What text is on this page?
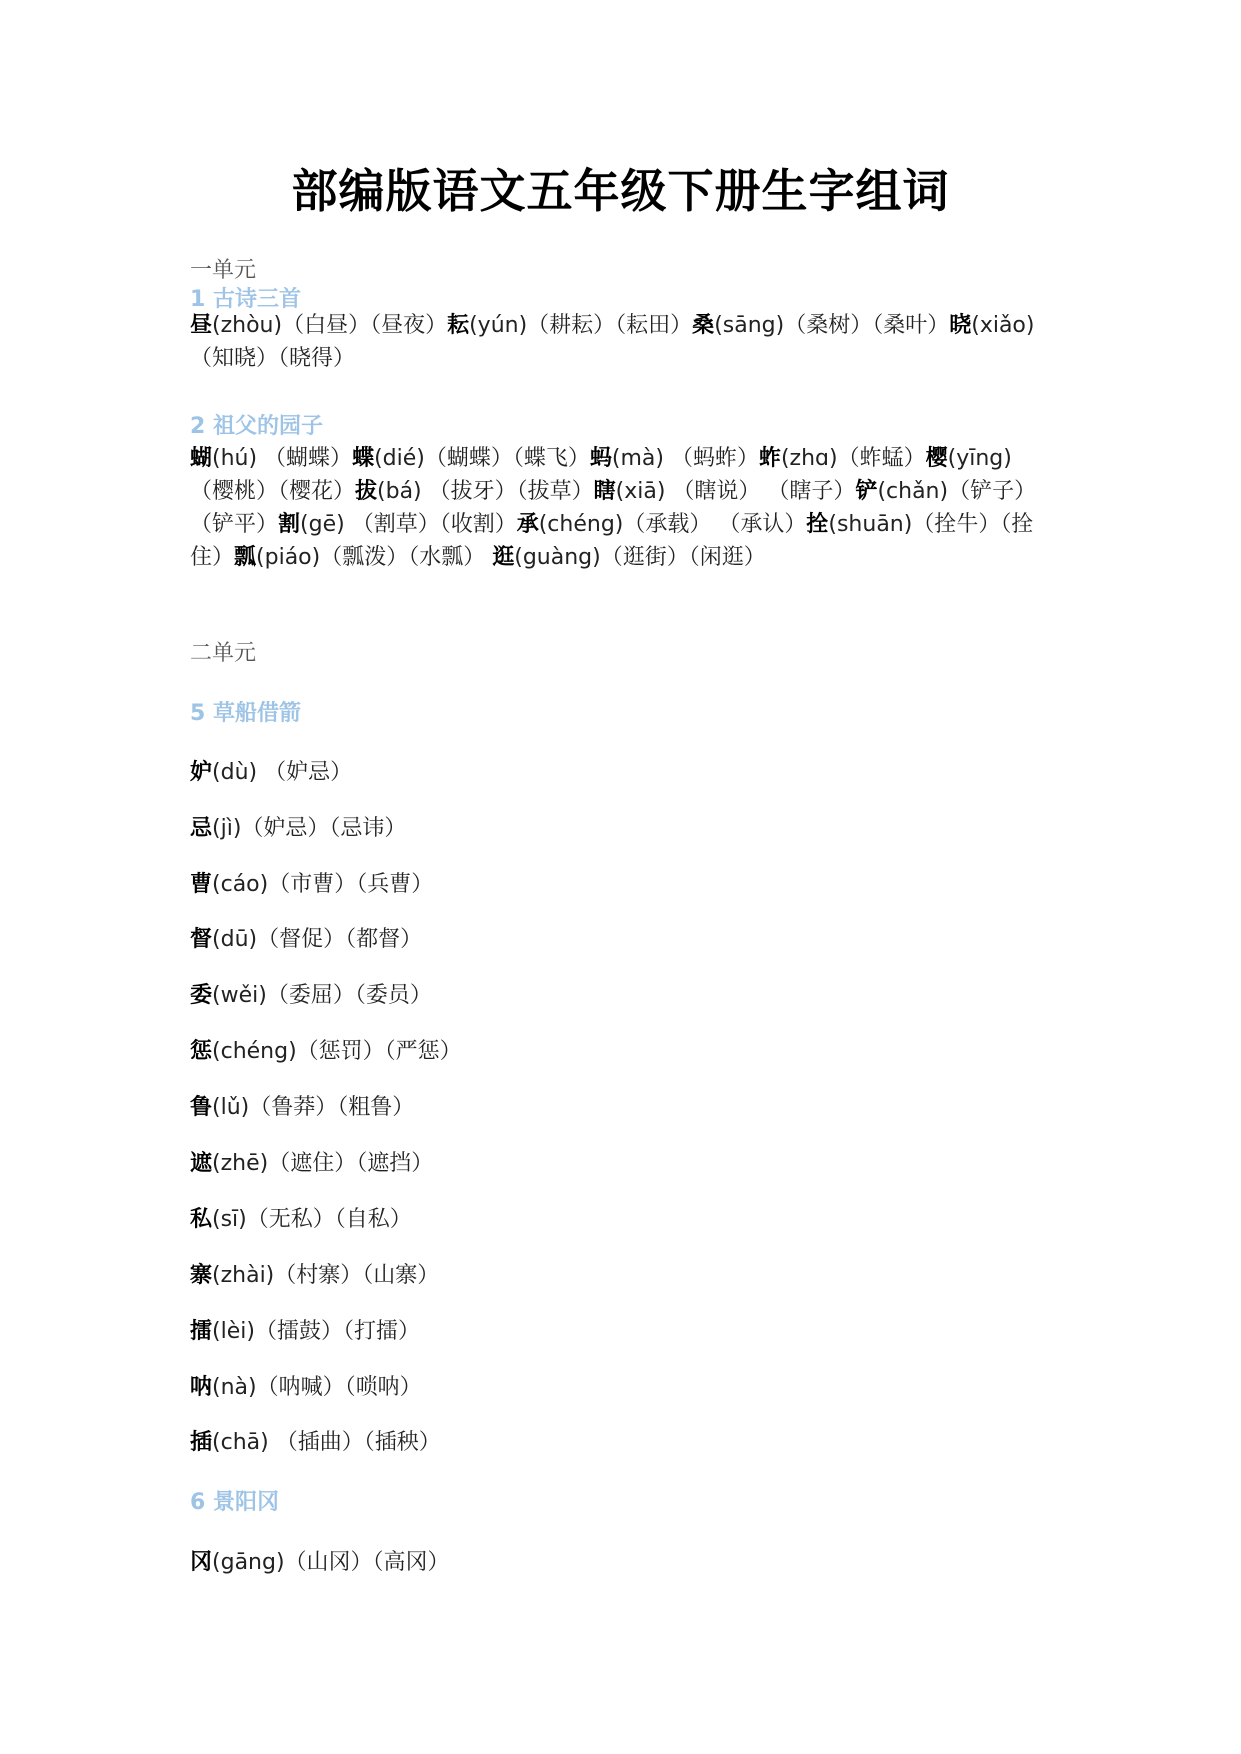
部编版语文五年级下册生字组词
一单元
1 古诗三首
昼(zhòu)（白昼）（昼夜）耘(yún)（耕耘）（耘田）桑(sāng)（桑树）（桑叶）晓(xiǎo)（知晓）（晓得）
2 祖父的园子
蝴(hú) （蝴蝶）蝶(dié)（蝴蝶）（蝶飞）蚂(mà) （蚂蚱）蚱(zhɑ)（蚱蜢）樱(yīng)（樱桃）（樱花）拔(bá) （拔牙）（拔草）瞎(xiā) （瞎说） （瞎子）铲(chǎn)（铲子）（铲平）割(gē) （割草）（收割）承(chéng)（承载） （承认）拴(shuān)（拴牛）（拴住）瓢(piáo)（瓢泼）（水瓢） 逛(guàng)（逛街）（闲逛）
二单元
5 草船借箭
妒(dù) （妒忌）
忌(jì)（妒忌）（忌讳）
曹(cáo)（市曹）（兵曹）
督(dū)（督促）（都督）
委(wěi)（委屈）（委员）
惩(chéng)（惩罚）（严惩）
鲁(lǔ)（鲁莽）（粗鲁）
遮(zhē)（遮住）（遮挡）
私(sī)（无私）（自私）
寨(zhài)（村寨）（山寨）
擂(lèi)（擂鼓）（打擂）
呐(nà)（呐喊）（唢呐）
插(chā) （插曲）（插秧）
6 景阳冈
冈(gāng)（山冈）（高冈）
